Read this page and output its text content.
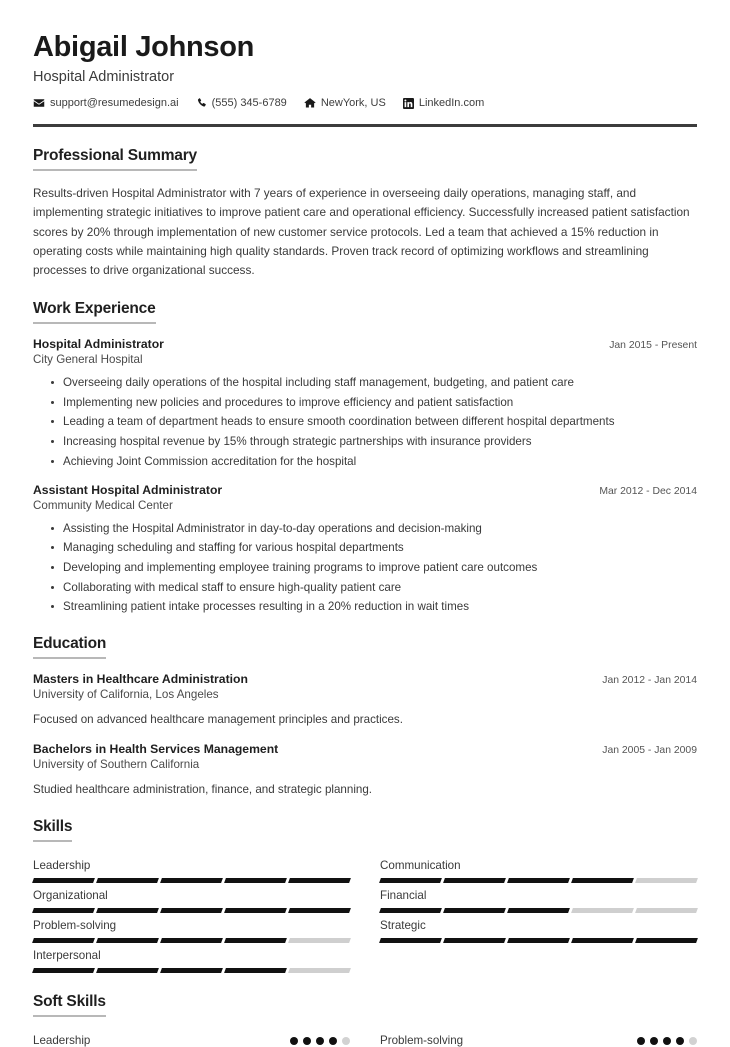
Abigail Johnson
Hospital Administrator
support@resumedesign.ai	(555) 345-6789	NewYork, US	LinkedIn.com
Professional Summary

Results-driven Hospital Administrator with 7 years of experience in overseeing daily operations, managing staff, and implementing strategic initiatives to improve patient care and operational efficiency. Successfully increased patient satisfaction scores by 20% through implementation of new customer service protocols. Led a team that achieved a 15% reduction in operating costs while maintaining high quality standards. Proven track record of optimizing workflows and streamlining processes to drive organizational success.

Work Experience
Hospital Administrator	Jan 2015 - Present
City General Hospital
Overseeing daily operations of the hospital including staff management, budgeting, and patient care
Implementing new policies and procedures to improve efficiency and patient satisfaction
Leading a team of department heads to ensure smooth coordination between different hospital departments
Increasing hospital revenue by 15% through strategic partnerships with insurance providers
Achieving Joint Commission accreditation for the hospital
Assistant Hospital Administrator	Mar 2012 - Dec 2014
Community Medical Center
Assisting the Hospital Administrator in day-to-day operations and decision-making
Managing scheduling and staffing for various hospital departments
Developing and implementing employee training programs to improve patient care outcomes
Collaborating with medical staff to ensure high-quality patient care
Streamlining patient intake processes resulting in a 20% reduction in wait times
Education
Masters in Healthcare Administration	Jan 2012 - Jan 2014
University of California, Los Angeles
Focused on advanced healthcare management principles and practices.
Bachelors in Health Services Management	Jan 2005 - Jan 2009
University of Southern California
Studied healthcare administration, finance, and strategic planning.
Skills
Leadership	Communication
Organizational	Financial
Problem-solving	Strategic
Interpersonal
Soft Skills
Leadership	Problem-solving
